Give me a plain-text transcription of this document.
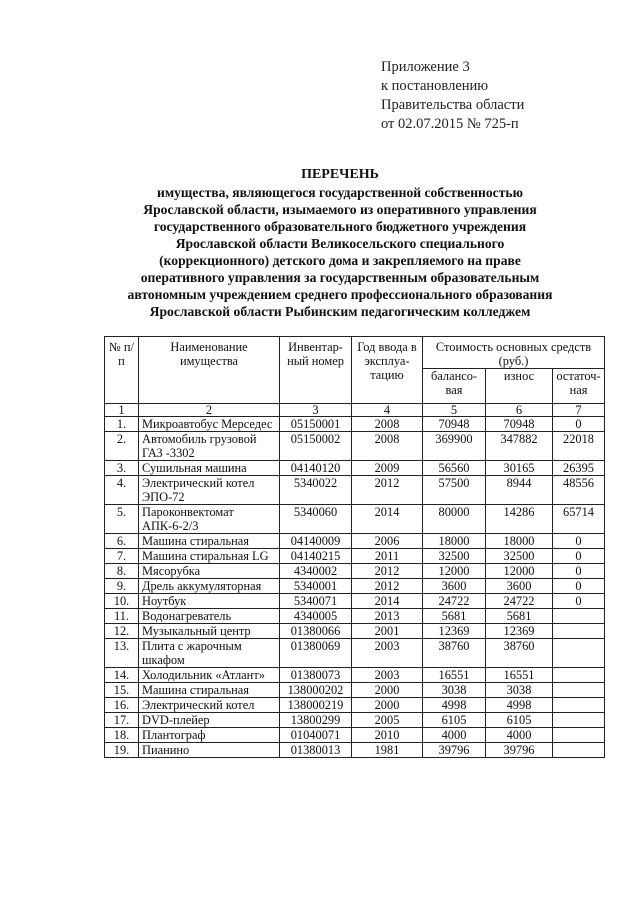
Приложение 3
к постановлению
Правительства области
от 02.07.2015 № 725-п
ПЕРЕЧЕНЬ
имущества, являющегося государственной собственностью
Ярославской области, изымаемого из оперативного управления
государственного образовательного бюджетного учреждения
Ярославской области Великосельского специального
(коррекционного) детского дома и закрепляемого на праве
оперативного управления за государственным образовательным
автономным учреждением среднего профессионального образования
Ярославской области Рыбинским педагогическим колледжем
№ п/п	Наименование имущества	Инвентар-ный номер	Год ввода в эксплуа-тацию	Стоимость основных средств (руб.)		
				балансо-вая	износ	остаточ-ная
1	2	3	4	5	6	7
1.	Микроавтобус Мерседес	05150001	2008	70948	70948	0
2.	Автомобиль грузовой ГАЗ -3302	05150002	2008	369900	347882	22018
3.	Сушильная машина	04140120	2009	56560	30165	26395
4.	Электрический котел ЭПО-72	5340022	2012	57500	8944	48556
5.	Пароконвектомат АПК-6-2/3	5340060	2014	80000	14286	65714
6.	Машина стиральная	04140009	2006	18000	18000	0
7.	Машина стиральная LG	04140215	2011	32500	32500	0
8.	Мясорубка	4340002	2012	12000	12000	0
9.	Дрель аккумуляторная	5340001	2012	3600	3600	0
10.	Ноутбук	5340071	2014	24722	24722	0
11.	Водонагреватель	4340005	2013	5681	5681	
12.	Музыкальный центр	01380066	2001	12369	12369	
13.	Плита с жарочным шкафом	01380069	2003	38760	38760	
14.	Холодильник «Атлант»	01380073	2003	16551	16551	
15.	Машина стиральная	138000202	2000	3038	3038	
16.	Электрический котел	138000219	2000	4998	4998	
17.	DVD-плейер	13800299	2005	6105	6105	
18.	Плантограф	01040071	2010	4000	4000	
19.	Пианино	01380013	1981	39796	39796	
